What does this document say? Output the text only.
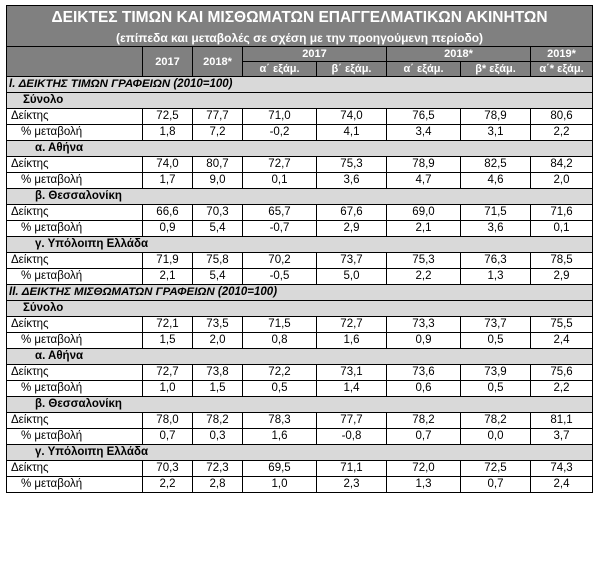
ΔΕΙΚΤΕΣ ΤΙΜΩΝ ΚΑΙ ΜΙΣΘΩΜΑΤΩΝ ΕΠΑΓΓΕΛΜΑΤΙΚΩΝ ΑΚΙΝΗΤΩΝ							
(επίπεδα και μεταβολές σε σχέση με την προηγούμενη περίοδο)							
	2017	2018*	2017		2018*		2019*
			α΄ εξάμ.	β΄ εξάμ.	α΄ εξάμ.	β* εξάμ.	α΄* εξάμ.
I. ΔΕΙΚΤΗΣ ΤΙΜΩΝ ΓΡΑΦΕΙΩΝ (2010=100)							
Σύνολο							
Δείκτης	72,5	77,7	71,0	74,0	76,5	78,9	80,6
% μεταβολή	1,8	7,2	-0,2	4,1	3,4	3,1	2,2
α. Αθήνα							
Δείκτης	74,0	80,7	72,7	75,3	78,9	82,5	84,2
% μεταβολή	1,7	9,0	0,1	3,6	4,7	4,6	2,0
β. Θεσσαλονίκη							
Δείκτης	66,6	70,3	65,7	67,6	69,0	71,5	71,6
% μεταβολή	0,9	5,4	-0,7	2,9	2,1	3,6	0,1
γ. Υπόλοιπη Ελλάδα							
Δείκτης	71,9	75,8	70,2	73,7	75,3	76,3	78,5
% μεταβολή	2,1	5,4	-0,5	5,0	2,2	1,3	2,9
II. ΔΕΙΚΤΗΣ ΜΙΣΘΩΜΑΤΩΝ ΓΡΑΦΕΙΩΝ (2010=100)							
Σύνολο							
Δείκτης	72,1	73,5	71,5	72,7	73,3	73,7	75,5
% μεταβολή	1,5	2,0	0,8	1,6	0,9	0,5	2,4
α. Αθήνα							
Δείκτης	72,7	73,8	72,2	73,1	73,6	73,9	75,6
% μεταβολή	1,0	1,5	0,5	1,4	0,6	0,5	2,2
β. Θεσσαλονίκη							
Δείκτης	78,0	78,2	78,3	77,7	78,2	78,2	81,1
% μεταβολή	0,7	0,3	1,6	-0,8	0,7	0,0	3,7
γ. Υπόλοιπη Ελλάδα							
Δείκτης	70,3	72,3	69,5	71,1	72,0	72,5	74,3
% μεταβολή	2,2	2,8	1,0	2,3	1,3	0,7	2,4
